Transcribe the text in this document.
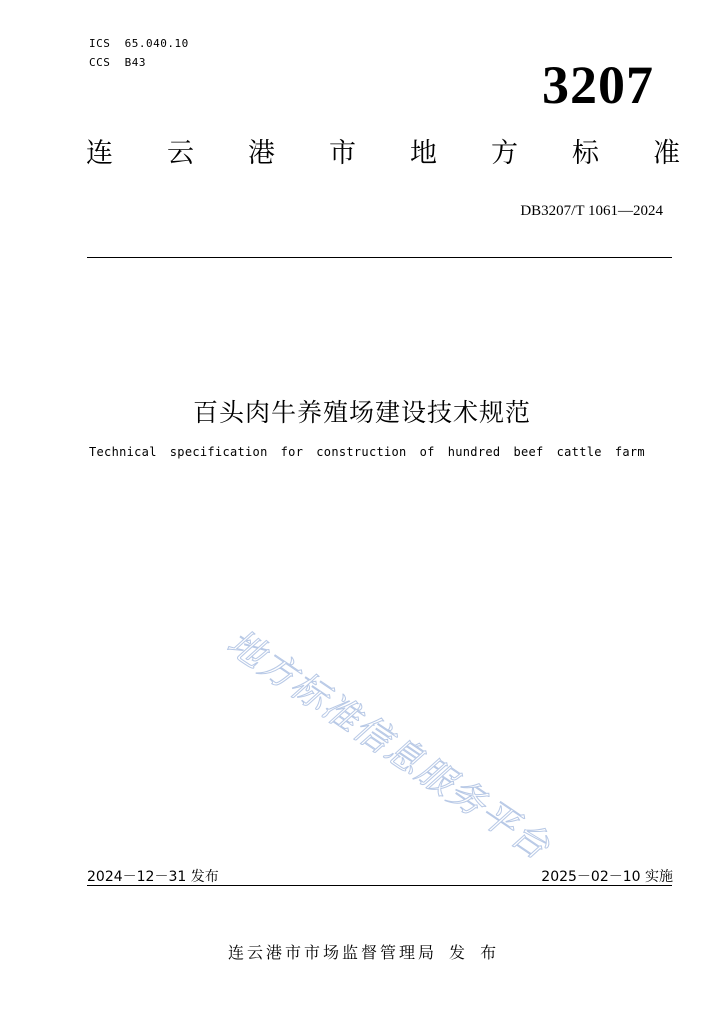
ICS  65.040.10
CCS  B43	3207
连 云 港 市 地 方 标 准
DB3207/T 1061—2024
百头肉牛养殖场建设技术规范
Technical specification for construction of hundred beef cattle farm
地方标准信息服务平台
2024－12－31 发布	2025－02－10 实施
连云港市市场监督管理局 发 布
